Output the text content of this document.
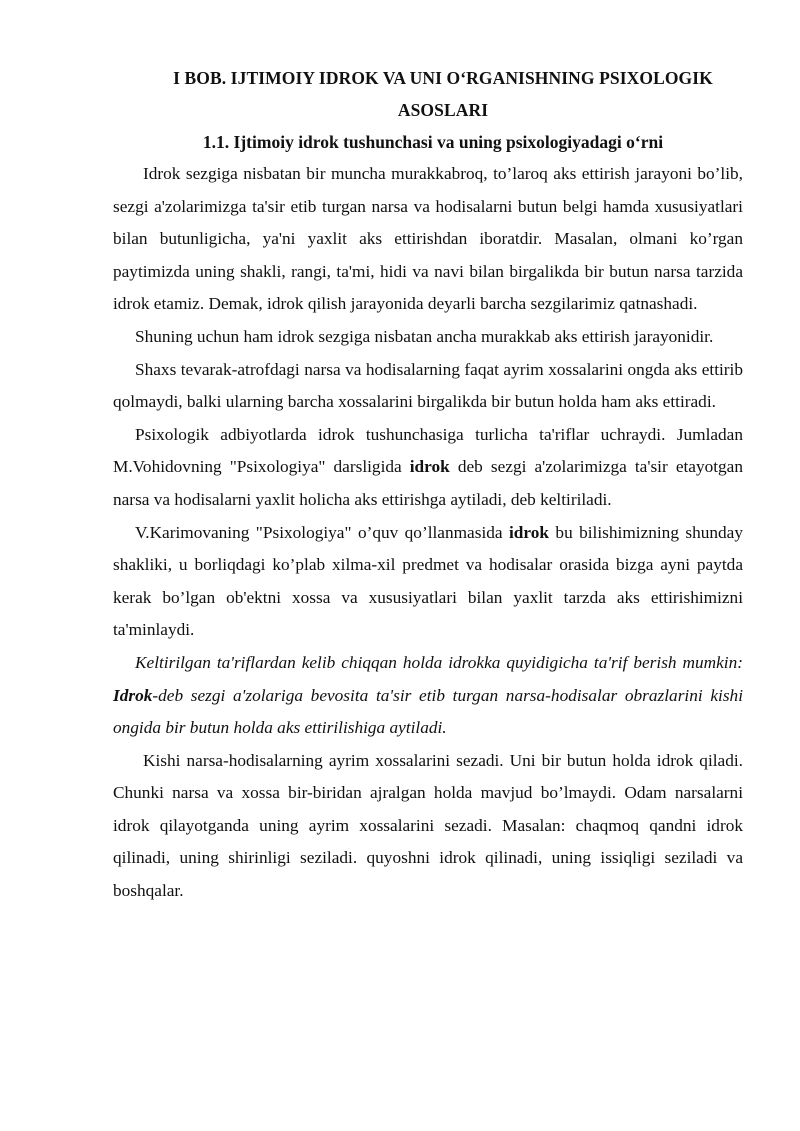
I BOB. IJTIMOIY IDROK VA UNI O‘RGANISHNING PSIXOLOGIK ASOSLARI
1.1. Ijtimoiy idrok tushunchasi va uning psixologiyadagi o‘rni

Idrok sezgiga nisbatan bir muncha murakkabroq, to’laroq aks ettirish jarayoni bo’lib, sezgi a'zolarimizga ta'sir etib turgan narsa va hodisalarni butun belgi hamda xususiyatlari bilan butunligicha, ya'ni yaxlit aks ettirishdan iboratdir. Masalan, olmani ko’rgan paytimizda uning shakli, rangi, ta'mi, hidi va navi bilan birgalikda bir butun narsa tarzida idrok etamiz. Demak, idrok qilish jarayonida deyarli barcha sezgilarimiz qatnashadi.

Shuning uchun ham idrok sezgiga nisbatan ancha murakkab aks ettirish jarayonidir.

Shaxs tevarak-atrofdagi narsa va hodisalarning faqat ayrim xossalarini ongda aks ettirib qolmaydi, balki ularning barcha xossalarini birgalikda bir butun holda ham aks ettiradi.

Psixologik adbiyotlarda idrok tushunchasiga turlicha ta'riflar uchraydi. Jumladan M.Vohidovning "Psixologiya" darsligida idrok deb sezgi a'zolarimizga ta'sir etayotgan narsa va hodisalarni yaxlit holicha aks ettirishga aytiladi, deb keltiriladi.

V.Karimovaning "Psixologiya" o’quv qo’llanmasida idrok bu bilishimizning shunday shakliki, u borliqdagi ko’plab xilma-xil predmet va hodisalar orasida bizga ayni paytda kerak bo’lgan ob'ektni xossa va xususiyatlari bilan yaxlit tarzda aks ettirishimizni ta'minlaydi.

Keltirilgan ta'riflardan kelib chiqqan holda idrokka quyidigicha ta'rif berish mumkin: Idrok-deb sezgi a'zolariga bevosita ta'sir etib turgan narsa-hodisalar obrazlarini kishi ongida bir butun holda aks ettirilishiga aytiladi.

Kishi narsa-hodisalarning ayrim xossalarini sezadi. Uni bir butun holda idrok qiladi. Chunki narsa va xossa bir-biridan ajralgan holda mavjud bo’lmaydi. Odam narsalarni idrok qilayotganda uning ayrim xossalarini sezadi. Masalan: chaqmoq qandni idrok qilinadi, uning shirinligi seziladi. quyoshni idrok qilinadi, uning issiqligi seziladi va boshqalar.
